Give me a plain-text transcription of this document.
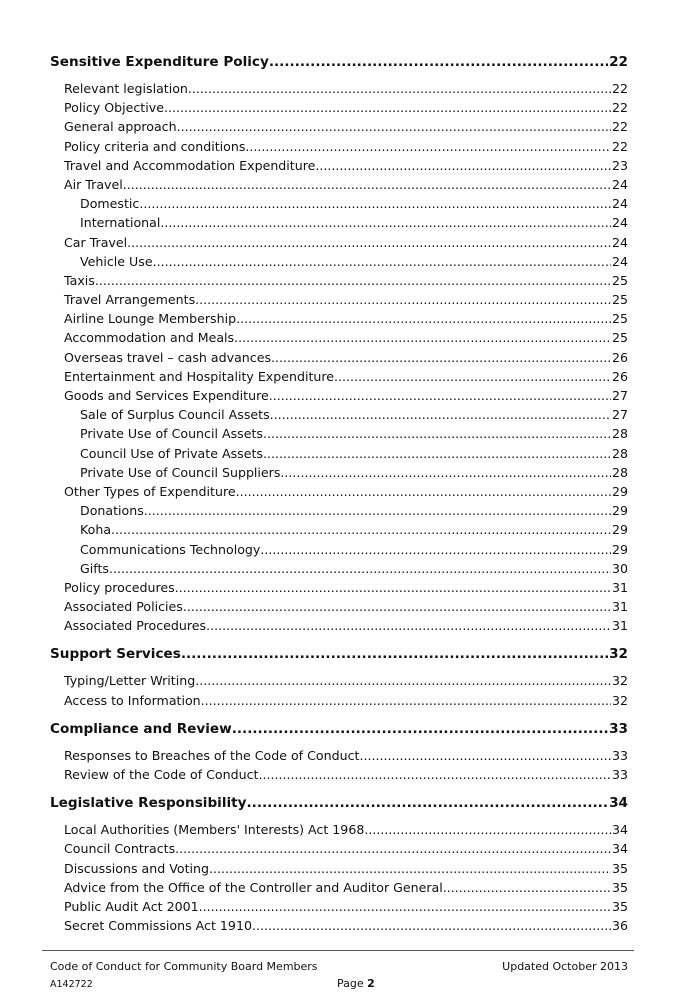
Sensitive Expenditure Policy .....	22
Relevant legislation .....	22
Policy Objective .....	22
General approach .....	22
Policy criteria and conditions .....	22
Travel and Accommodation Expenditure .....	23
Air Travel .....	24
Domestic .....	24
International .....	24
Car Travel .....	24
Vehicle Use .....	24
Taxis .....	25
Travel Arrangements .....	25
Airline Lounge Membership .....	25
Accommodation and Meals .....	25
Overseas travel – cash advances .....	26
Entertainment and Hospitality Expenditure .....	26
Goods and Services Expenditure .....	27
Sale of Surplus Council Assets .....	27
Private Use of Council Assets .....	28
Council Use of Private Assets .....	28
Private Use of Council Suppliers .....	28
Other Types of Expenditure .....	29
Donations .....	29
Koha .....	29
Communications Technology .....	29
Gifts .....	30
Policy procedures .....	31
Associated Policies .....	31
Associated Procedures .....	31
Support Services .....	32
Typing/Letter Writing .....	32
Access to Information .....	32
Compliance and Review .....	33
Responses to Breaches of the Code of Conduct .....	33
Review of the Code of Conduct .....	33
Legislative Responsibility .....	34
Local Authorities (Members' Interests) Act 1968 .....	34
Council Contracts .....	34
Discussions and Voting .....	35
Advice from the Office of the Controller and Auditor General .....	35
Public Audit Act 2001 .....	35
Secret Commissions Act 1910 .....	36
Code of Conduct for Community Board Members	Updated October 2013
A142722	Page 2
